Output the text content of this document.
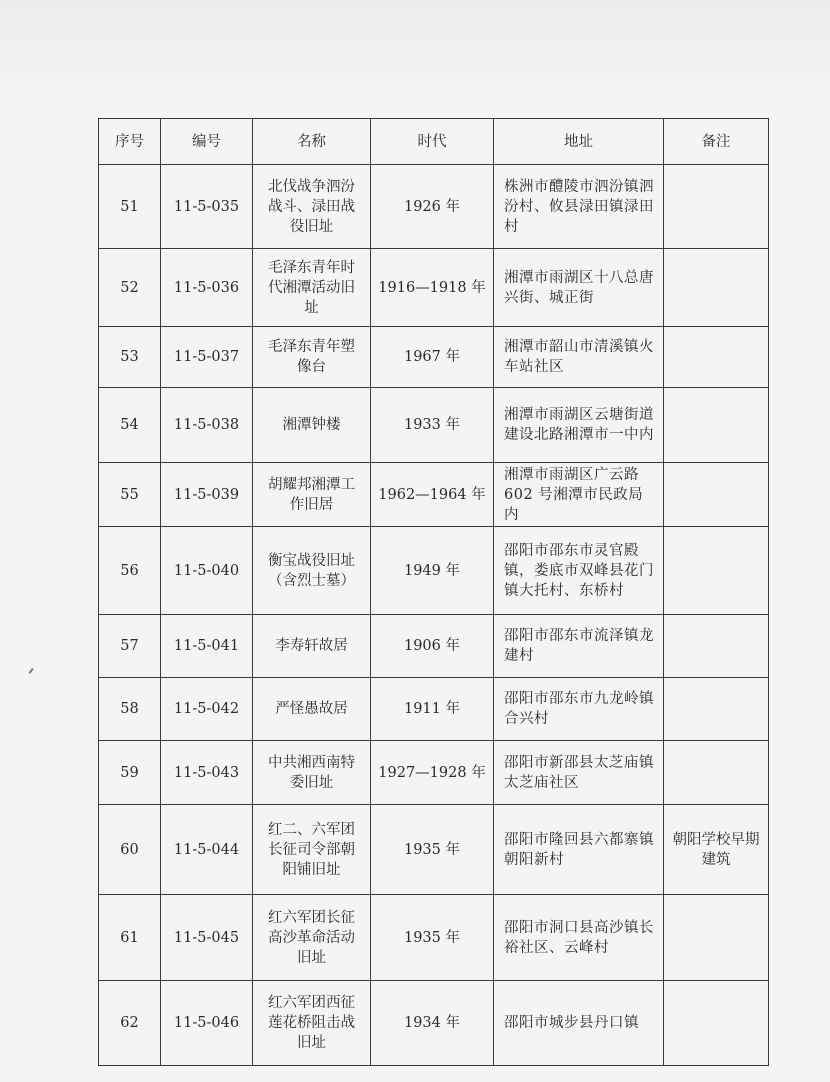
序号	编号	名称	时代	地址	备注
51	11-5-035	北伐战争泗汾战斗、渌田战役旧址	1926 年	株洲市醴陵市泗汾镇泗汾村、攸县渌田镇渌田村	
52	11-5-036	毛泽东青年时代湘潭活动旧址	1916—1918 年	湘潭市雨湖区十八总唐兴街、城正街	
53	11-5-037	毛泽东青年塑像台	1967 年	湘潭市韶山市清溪镇火车站社区	
54	11-5-038	湘潭钟楼	1933 年	湘潭市雨湖区云塘街道建设北路湘潭市一中内	
55	11-5-039	胡耀邦湘潭工作旧居	1962—1964 年	湘潭市雨湖区广云路602 号湘潭市民政局内	
56	11-5-040	衡宝战役旧址（含烈士墓）	1949 年	邵阳市邵东市灵官殿镇，娄底市双峰县花门镇大托村、东桥村	
57	11-5-041	李寿轩故居	1906 年	邵阳市邵东市流泽镇龙建村	
58	11-5-042	严怪愚故居	1911 年	邵阳市邵东市九龙岭镇合兴村	
59	11-5-043	中共湘西南特委旧址	1927—1928 年	邵阳市新邵县太芝庙镇太芝庙社区	
60	11-5-044	红二、六军团长征司令部朝阳铺旧址	1935 年	邵阳市隆回县六都寨镇朝阳新村	朝阳学校早期建筑
61	11-5-045	红六军团长征高沙革命活动旧址	1935 年	邵阳市洞口县高沙镇长裕社区、云峰村	
62	11-5-046	红六军团西征莲花桥阻击战旧址	1934 年	邵阳市城步县丹口镇	
